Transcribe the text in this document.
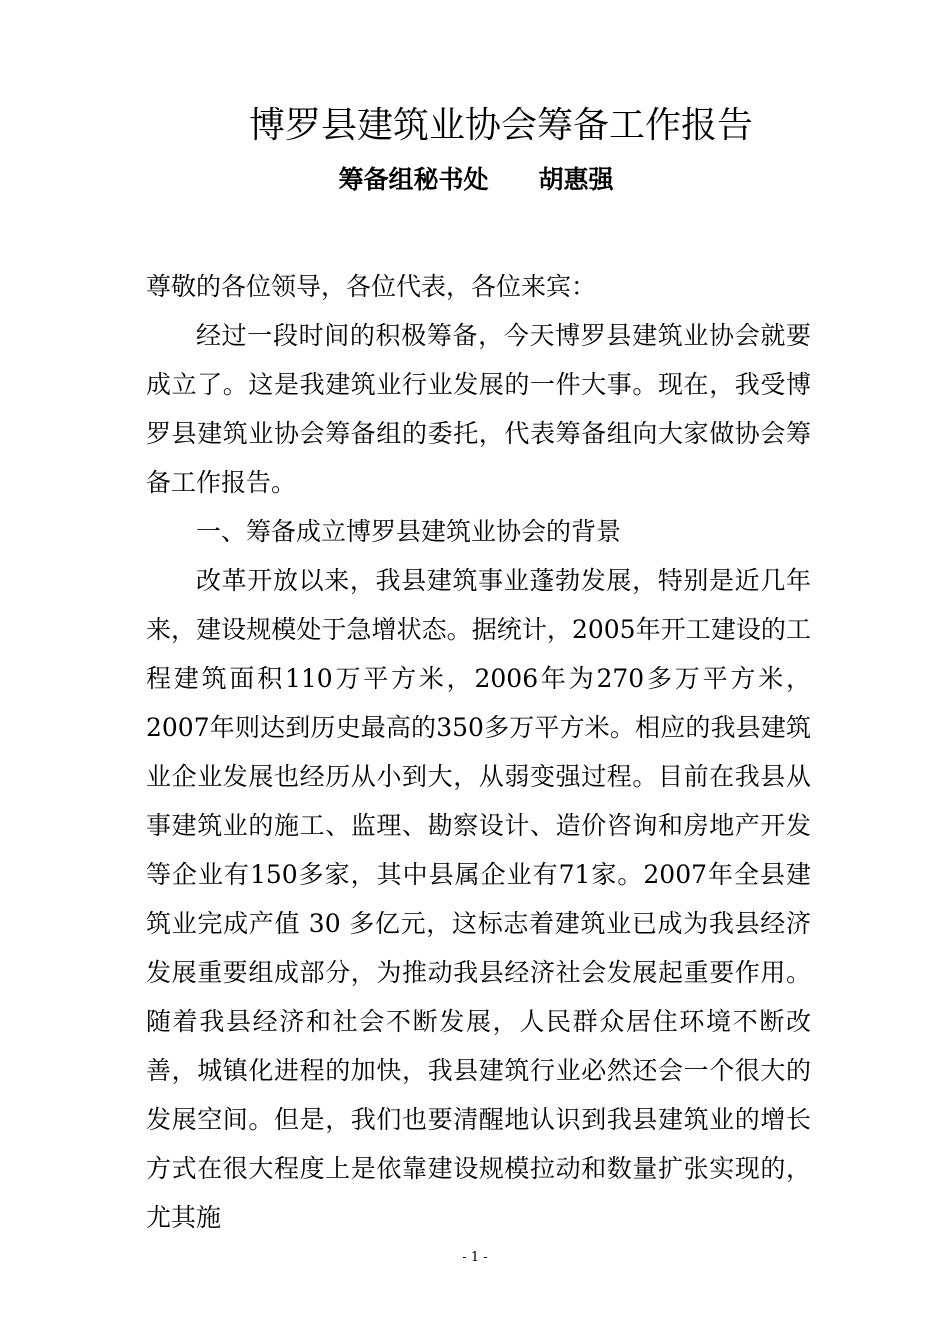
博罗县建筑业协会筹备工作报告
筹备组秘书处 胡惠强

尊敬的各位领导，各位代表，各位来宾：

经过一段时间的积极筹备，今天博罗县建筑业协会就要成立了。这是我建筑业行业发展的一件大事。现在，我受博罗县建筑业协会筹备组的委托，代表筹备组向大家做协会筹备工作报告。

一、筹备成立博罗县建筑业协会的背景

改革开放以来，我县建筑事业蓬勃发展，特别是近几年来，建设规模处于急增状态。据统计，2005年开工建设的工程建筑面积110万平方米，2006年为270多万平方米，2007年则达到历史最高的350多万平方米。相应的我县建筑业企业发展也经历从小到大，从弱变强过程。目前在我县从事建筑业的施工、监理、勘察设计、造价咨询和房地产开发等企业有150多家，其中县属企业有71家。2007年全县建筑业完成产值 30 多亿元，这标志着建筑业已成为我县经济发展重要组成部分，为推动我县经济社会发展起重要作用。随着我县经济和社会不断发展，人民群众居住环境不断改善，城镇化进程的加快，我县建筑行业必然还会一个很大的发展空间。但是，我们也要清醒地认识到我县建筑业的增长方式在很大程度上是依靠建设规模拉动和数量扩张实现的，尤其施

- 1 -
